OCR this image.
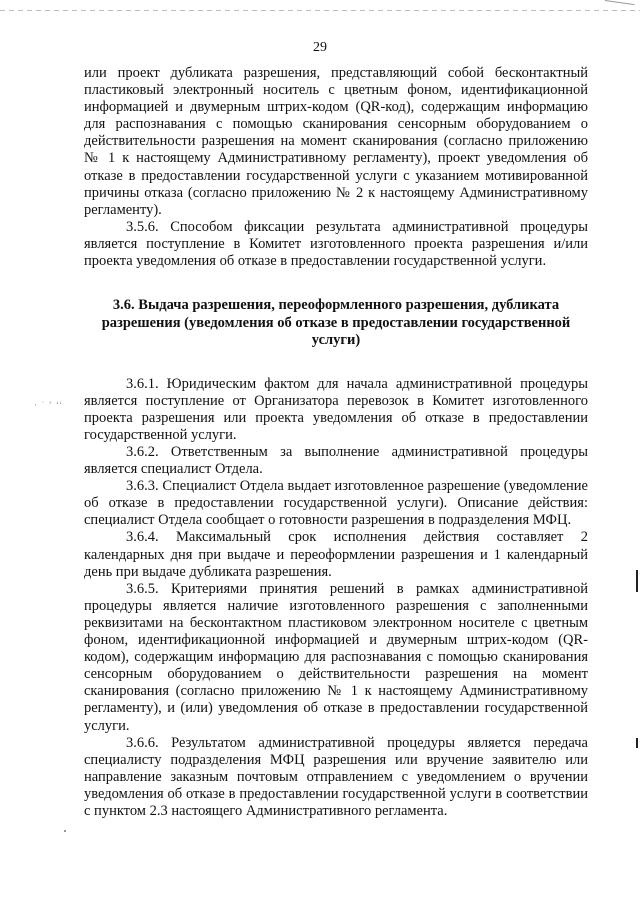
⋅ ˙ ʼ ‘‘
29

или проект дубликата разрешения, представляющий собой бесконтактный пластиковый электронный носитель с цветным фоном, идентификационной информацией и двумерным штрих-кодом (QR-код), содержащим информацию для распознавания с помощью сканирования сенсорным оборудованием о действительности разрешения на момент сканирования (согласно приложению № 1 к настоящему Административному регламенту), проект уведомления об отказе в предоставлении государственной услуги с указанием мотивированной причины отказа (согласно приложению № 2 к настоящему Административному регламенту).

3.5.6. Способом фиксации результата административной процедуры является поступление в Комитет изготовленного проекта разрешения и/или проекта уведомления об отказе в предоставлении государственной услуги.

3.6. Выдача разрешения, переоформленного разрешения, дубликата разрешения (уведомления об отказе в предоставлении государственной услуги)

3.6.1. Юридическим фактом для начала административной процедуры является поступление от Организатора перевозок в Комитет изготовленного проекта разрешения или проекта уведомления об отказе в предоставлении государственной услуги.

3.6.2. Ответственным за выполнение административной процедуры является специалист Отдела.

3.6.3. Специалист Отдела выдает изготовленное разрешение (уведомление об отказе в предоставлении государственной услуги). Описание действия: специалист Отдела сообщает о готовности разрешения в подразделения МФЦ.

3.6.4. Максимальный срок исполнения действия составляет 2 календарных дня при выдаче и переоформлении разрешения и 1 календарный день при выдаче дубликата разрешения.

3.6.5. Критериями принятия решений в рамках административной процедуры является наличие изготовленного разрешения с заполненными реквизитами на бесконтактном пластиковом электронном носителе с цветным фоном, идентификационной информацией и двумерным штрих-кодом (QR-кодом), содержащим информацию для распознавания с помощью сканирования сенсорным оборудованием о действительности разрешения на момент сканирования (согласно приложению № 1 к настоящему Административному регламенту), и (или) уведомления об отказе в предоставлении государственной услуги.

3.6.6. Результатом административной процедуры является передача специалисту подразделения МФЦ разрешения или вручение заявителю или направление заказным почтовым отправлением с уведомлением о вручении уведомления об отказе в предоставлении государственной услуги в соответствии с пунктом 2.3 настоящего Административного регламента.
